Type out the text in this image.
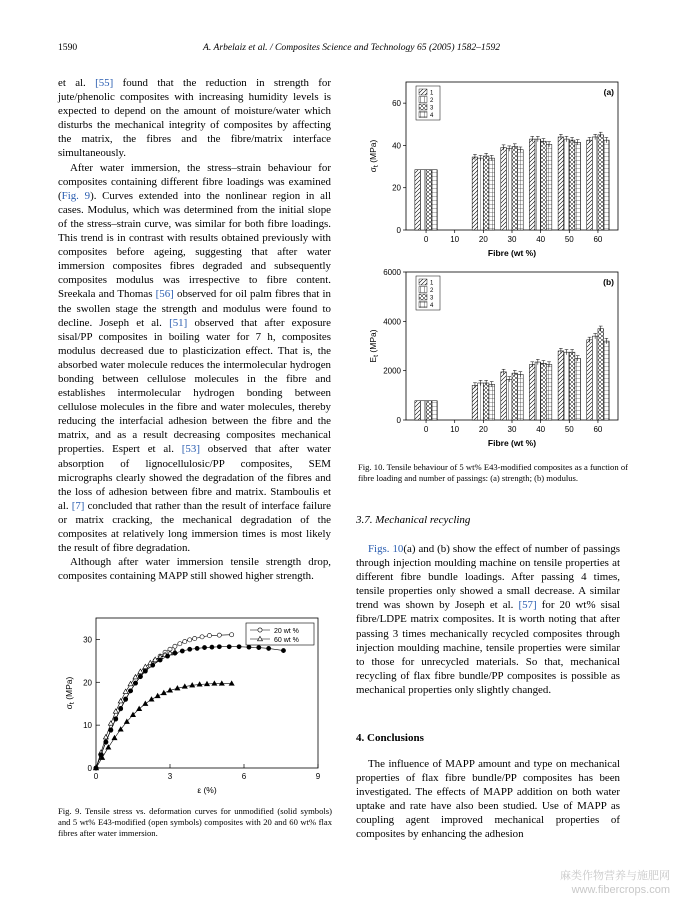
1590	A. Arbelaiz et al. / Composites Science and Technology 65 (2005) 1582–1592

et al. [55] found that the reduction in strength for jute/phenolic composites with increasing humidity levels is expected to depend on the amount of moisture/water which disturbs the mechanical integrity of composites by affecting the matrix, the fibres and the fibre/matrix interface simultaneously.

After water immersion, the stress–strain behaviour for composites containing different fibre loadings was examined (Fig. 9). Curves extended into the nonlinear region in all cases. Modulus, which was determined from the initial slope of the stress–strain curve, was similar for both fibre loadings. This trend is in contrast with results obtained previously with composites before ageing, suggesting that after water immersion composites fibres degraded and subsequently composites modulus was irrespective to fibre content. Sreekala and Thomas [56] observed for oil palm fibres that in the swollen stage the strength and modulus were found to decline. Joseph et al. [51] observed that after exposure sisal/PP composites in boiling water for 7 h, composites modulus decreased due to plasticization effect. That is, the absorbed water molecule reduces the intermolecular hydrogen bonding between cellulose molecules in the fibre and establishes intermolecular hydrogen bonding between cellulose molecules in the fibre and water molecules, thereby reducing the interfacial adhesion between the fibre and the matrix, and as a result decreasing composites mechanical properties. Espert et al. [53] observed that after water absorption of lignocellulosic/PP composites, SEM micrographs clearly showed the degradation of the fibres and the loss of adhesion between fibre and matrix. Stamboulis et al. [7] concluded that rather than the result of interface failure or matrix cracking, the mechanical degradation of the composites at relatively long immersion times is most likely the result of fibre degradation.

Although after water immersion tensile strength drop, composites containing MAPP still showed higher strength.

0	3	6	9
0
10
20
30
ε (%)
$\sigma_t$ (MPa)
20 wt %
60 wt %
Fig. 9. Tensile stress vs. deformation curves for unmodified (solid symbols) and 5 wt% E43-modified (open symbols) composites with 20 and 60 wt% flax fibres after water immersion.
0	10 20 30 40 50 60
0
20
40
60
Fibre (wt %)
$\sigma_t$ (MPa)
(a)
1
2
3
4
0	10 20 30 40 50 60
0
2000
4000
6000
Fibre (wt %)
$E_t$ (MPa)
(b)
1
2
3
4
Fig. 10. Tensile behaviour of 5 wt% E43-modified composites as a function of fibre loading and number of passings: (a) strength; (b) modulus.
3.7. Mechanical recycling

Figs. 10(a) and (b) show the effect of number of passings through injection moulding machine on tensile properties at different fibre bundle loadings. After passing 4 times, tensile properties only showed a small decrease. A similar trend was shown by Joseph et al. [57] for 20 wt% sisal fibre/LDPE matrix composites. It is worth noting that after passing 3 times mechanically recycled composites through injection moulding machine, tensile properties were similar to those for unrecycled materials. So that, mechanical recycling of flax fibre bundle/PP composites is possible as mechanical properties only slightly changed.

4. Conclusions

The influence of MAPP amount and type on mechanical properties of flax fibre bundle/PP composites has been investigated. The effects of MAPP addition on both water uptake and rate have also been studied. Use of MAPP as coupling agent improved mechanical properties of composites by enhancing the adhesion

麻类作物营养与施肥网
www.fibercrops.com
